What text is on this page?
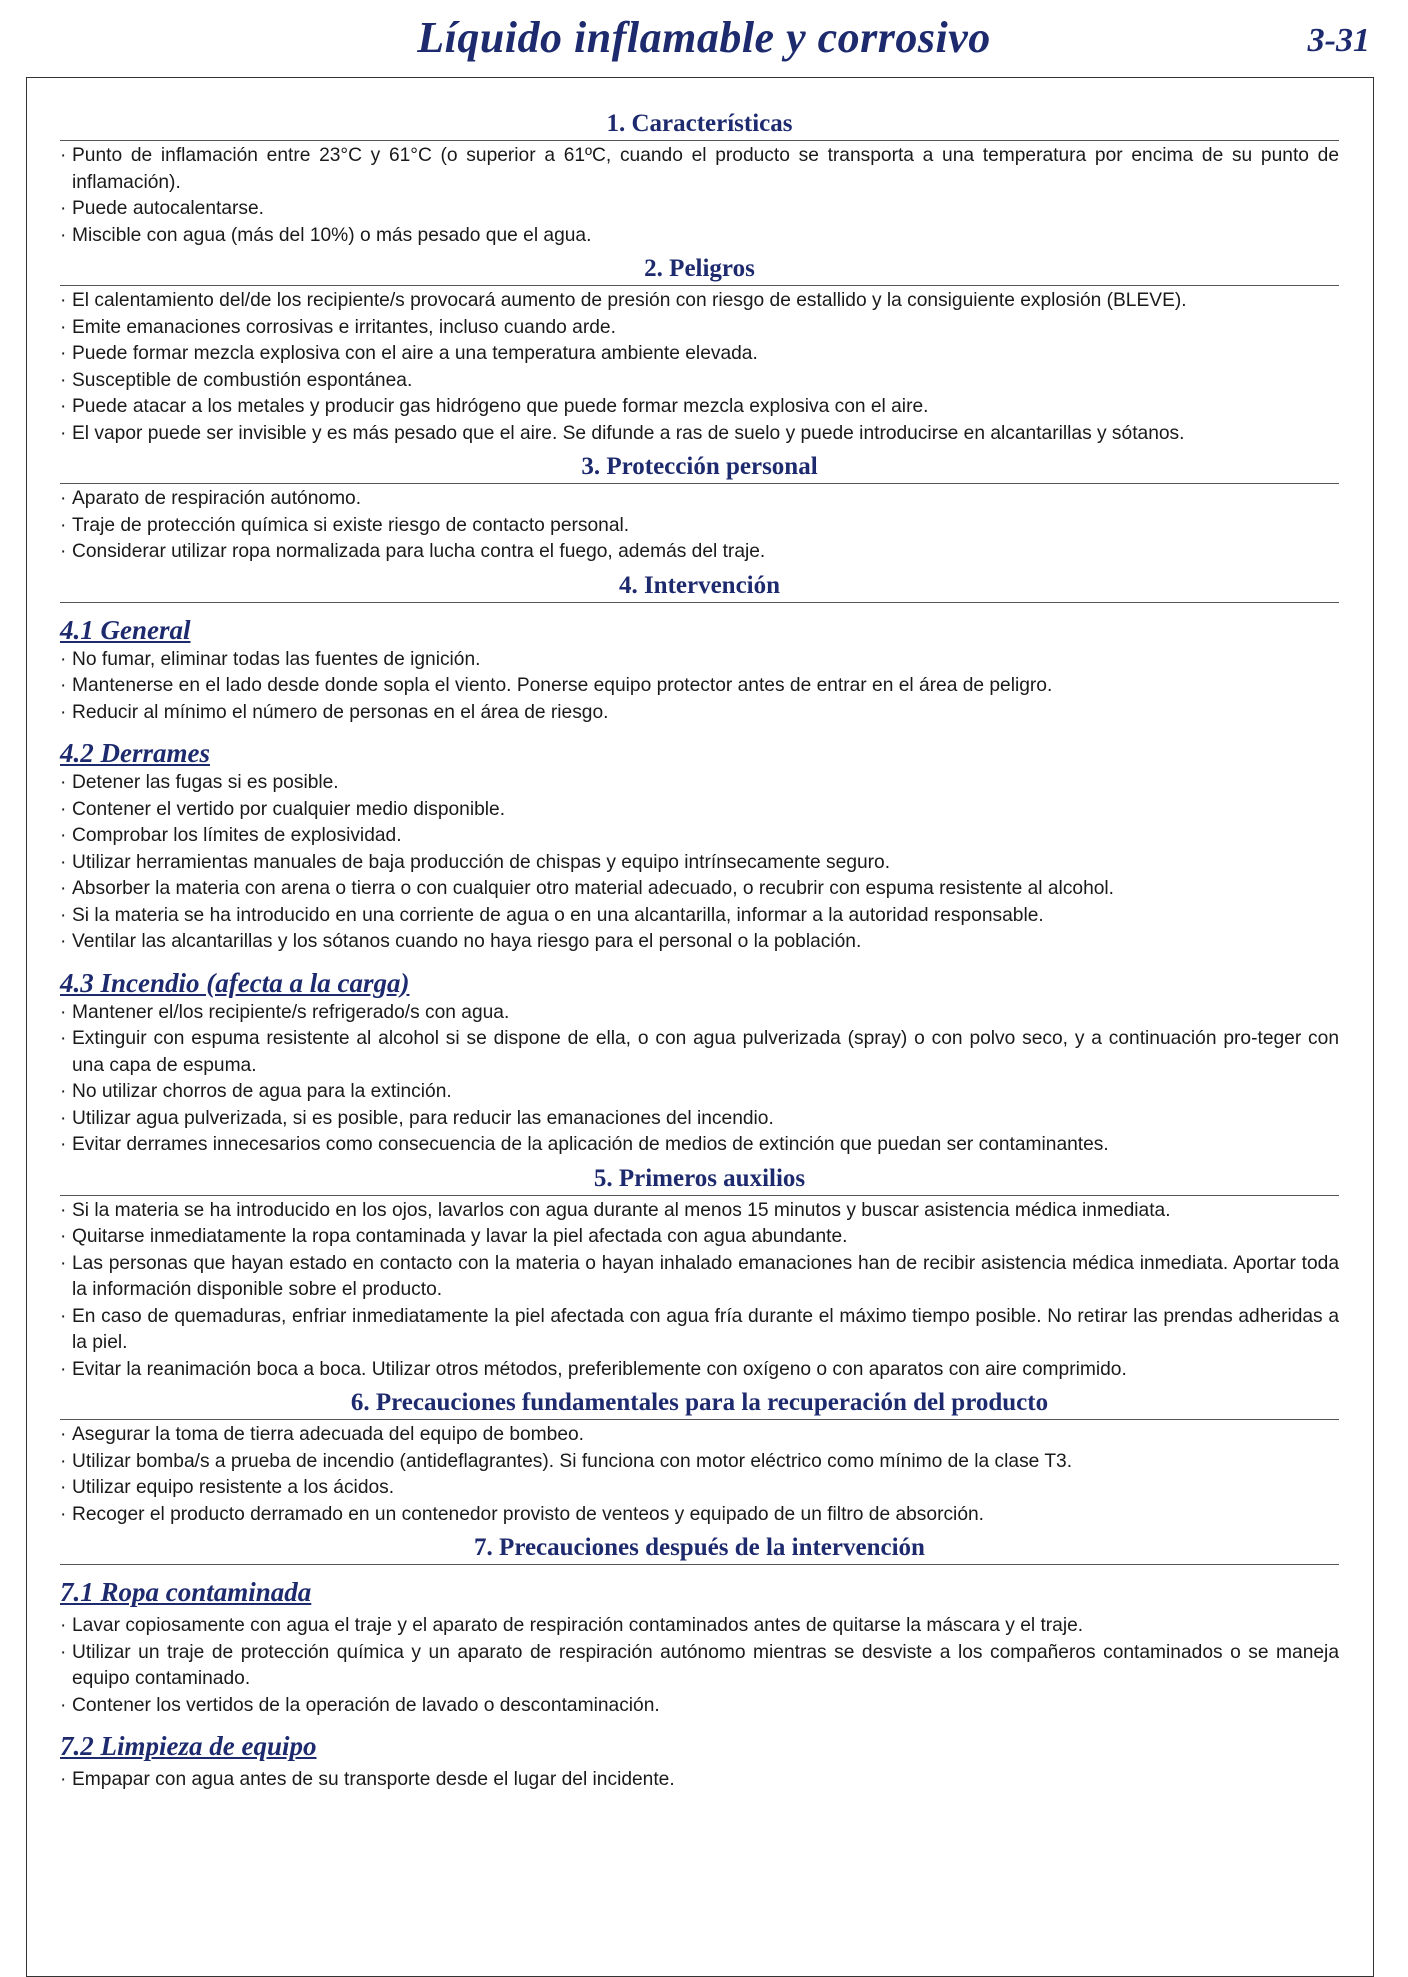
Líquido inflamable y corrosivo	3-31
1. Características
· Punto de inflamación entre 23°C y 61°C (o superior a 61ºC, cuando el producto se transporta a una temperatura por encima de su punto de inflamación).
· Puede autocalentarse.
· Miscible con agua (más del 10%) o más pesado que el agua.
2. Peligros
· El calentamiento del/de los recipiente/s provocará aumento de presión con riesgo de estallido y la consiguiente explosión (BLEVE).
· Emite emanaciones corrosivas e irritantes, incluso cuando arde.
· Puede formar mezcla explosiva con el aire a una temperatura ambiente elevada.
· Susceptible de combustión espontánea.
· Puede atacar a los metales y producir gas hidrógeno que puede formar mezcla explosiva con el aire.
· El vapor puede ser invisible y es más pesado que el aire. Se difunde a ras de suelo y puede introducirse en alcantarillas y sótanos.
3. Protección personal
· Aparato de respiración autónomo.
· Traje de protección química si existe riesgo de contacto personal.
· Considerar utilizar ropa normalizada para lucha contra el fuego, además del traje.
4. Intervención
4.1 General
· No fumar, eliminar todas las fuentes de ignición.
· Mantenerse en el lado desde donde sopla el viento. Ponerse equipo protector antes de entrar en el área de peligro.
· Reducir al mínimo el número de personas en el área de riesgo.
4.2 Derrames
· Detener las fugas si es posible.
· Contener el vertido por cualquier medio disponible.
· Comprobar los límites de explosividad.
· Utilizar herramientas manuales de baja producción de chispas y equipo intrínsecamente seguro.
· Absorber la materia con arena o tierra o con cualquier otro material adecuado, o recubrir con espuma resistente al alcohol.
· Si la materia se ha introducido en una corriente de agua o en una alcantarilla, informar a la autoridad responsable.
· Ventilar las alcantarillas y los sótanos cuando no haya riesgo para el personal o la población.
4.3 Incendio (afecta a la carga)
· Mantener el/los recipiente/s refrigerado/s con agua.
· Extinguir con espuma resistente al alcohol si se dispone de ella, o con agua pulverizada (spray) o con polvo seco, y a continuación pro-teger con una capa de espuma.
· No utilizar chorros de agua para la extinción.
· Utilizar agua pulverizada, si es posible, para reducir las emanaciones del incendio.
· Evitar derrames innecesarios como consecuencia de la aplicación de medios de extinción que puedan ser contaminantes.
5. Primeros auxilios
· Si la materia se ha introducido en los ojos, lavarlos con agua durante al menos 15 minutos y buscar asistencia médica inmediata.
· Quitarse inmediatamente la ropa contaminada y lavar la piel afectada con agua abundante.
· Las personas que hayan estado en contacto con la materia o hayan inhalado emanaciones han de recibir asistencia médica inmediata. Aportar toda la información disponible sobre el producto.
· En caso de quemaduras, enfriar inmediatamente la piel afectada con agua fría durante el máximo tiempo posible. No retirar las prendas adheridas a la piel.
· Evitar la reanimación boca a boca. Utilizar otros métodos, preferiblemente con oxígeno o con aparatos con aire comprimido.
6. Precauciones fundamentales para la recuperación del producto
· Asegurar la toma de tierra adecuada del equipo de bombeo.
· Utilizar bomba/s a prueba de incendio (antideflagrantes). Si funciona con motor eléctrico como mínimo de la clase T3.
· Utilizar equipo resistente a los ácidos.
· Recoger el producto derramado en un contenedor provisto de venteos y equipado de un filtro de absorción.
7. Precauciones después de la intervención
7.1 Ropa contaminada
· Lavar copiosamente con agua el traje y el aparato de respiración contaminados antes de quitarse la máscara y el traje.
· Utilizar un traje de protección química y un aparato de respiración autónomo mientras se desviste a los compañeros contaminados o se maneja equipo contaminado.
· Contener los vertidos de la operación de lavado o descontaminación.
7.2 Limpieza de equipo
· Empapar con agua antes de su transporte desde el lugar del incidente.
